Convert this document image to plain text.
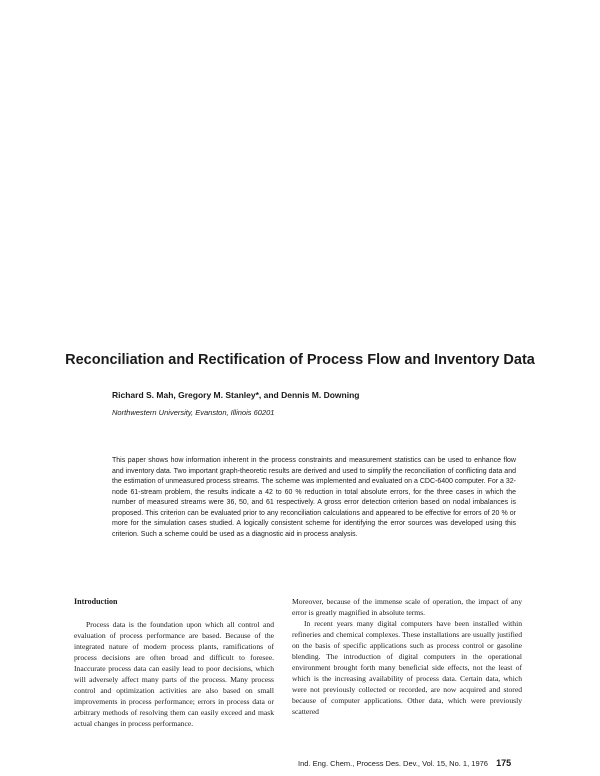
Reconciliation and Rectification of Process Flow and Inventory Data
Richard S. Mah, Gregory M. Stanley*, and Dennis M. Downing
Northwestern University, Evanston, Illinois 60201

This paper shows how information inherent in the process constraints and measurement statistics can be used to enhance flow and inventory data. Two important graph-theoretic results are derived and used to simplify the reconciliation of conflicting data and the estimation of unmeasured process streams. The scheme was implemented and evaluated on a CDC-6400 computer. For a 32-node 61-stream problem, the results indicate a 42 to 60 % reduction in total absolute errors, for the three cases in which the number of measured streams were 36, 50, and 61 respectively. A gross error detection criterion based on nodal imbalances is proposed. This criterion can be evaluated prior to any reconciliation calculations and appeared to be effective for errors of 20 % or more for the simulation cases studied. A logically consistent scheme for identifying the error sources was developed using this criterion. Such a scheme could be used as a diagnostic aid in process analysis.

Introduction

Process data is the foundation upon which all control and evaluation of process performance are based. Because of the integrated nature of modern process plants, ramifications of process decisions are often broad and difficult to foresee. Inaccurate process data can easily lead to poor decisions, which will adversely affect many parts of the process. Many process control and optimization activities are also based on small improvements in process performance; errors in process data or arbitrary methods of resolving them can easily exceed and mask actual changes in process performance.

Moreover, because of the immense scale of operation, the impact of any error is greatly magnified in absolute terms.

In recent years many digital computers have been installed within refineries and chemical complexes. These installations are usually justified on the basis of specific applications such as process control or gasoline blending. The introduction of digital computers in the operational environment brought forth many beneficial side effects, not the least of which is the increasing availability of process data. Certain data, which were not previously collected or recorded, are now acquired and stored because of computer applications. Other data, which were previously scattered

Ind. Eng. Chem., Process Des. Dev., Vol. 15, No. 1, 1976 175
